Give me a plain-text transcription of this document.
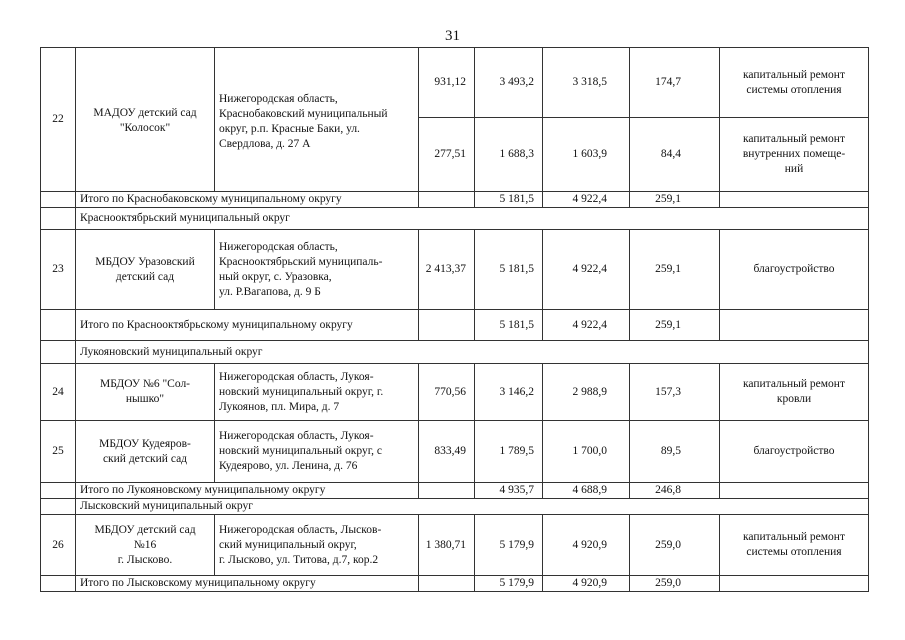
31
22	МАДОУ детский сад
"Колосок"	Нижегородская область,
Краснобаковский муниципальный
округ, р.п. Красные Баки, ул.
Свердлова, д. 27 А	931,12	3 493,2	3 318,5	174,7	капитальный ремонт
системы отопления
			277,51	1 688,3	1 603,9	84,4	капитальный ремонт
внутренних помеще-
ний
	Итого по Краснобаковскому муниципальному округу			5 181,5	4 922,4	259,1	
	Краснооктябрьский муниципальный округ						
23	МБДОУ Уразовский
детский сад	Нижегородская область,
Краснооктябрьский муниципаль-
ный округ, с. Уразовка,
ул. Р.Вагапова, д. 9 Б	2 413,37	5 181,5	4 922,4	259,1	благоустройство
	Итого по Краснооктябрьскому муниципальному округу			5 181,5	4 922,4	259,1	
	Лукояновский муниципальный округ						
24	МБДОУ №6 "Сол-
нышко"	Нижегородская область, Лукоя-
новский муниципальный округ, г.
Лукоянов, пл. Мира, д. 7	770,56	3 146,2	2 988,9	157,3	капитальный ремонт
кровли
25	МБДОУ Кудеяров-
ский детский сад	Нижегородская область, Лукоя-
новский муниципальный округ, с
Кудеярово, ул. Ленина, д. 76	833,49	1 789,5	1 700,0	89,5	благоустройство
	Итого по Лукояновскому муниципальному округу			4 935,7	4 688,9	246,8	
	Лысковский муниципальный округ						
26	МБДОУ детский сад
№16
г. Лысково.	Нижегородская область, Лысков-
ский муниципальный округ,
г. Лысково, ул. Титова, д.7, кор.2	1 380,71	5 179,9	4 920,9	259,0	капитальный ремонт
системы отопления
	Итого по Лысковскому муниципальному округу			5 179,9	4 920,9	259,0	
